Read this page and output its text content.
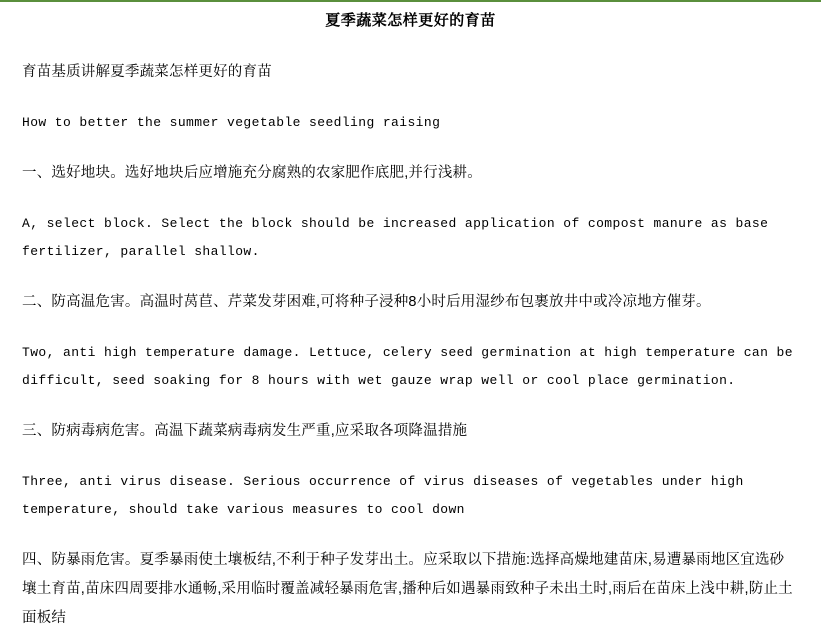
夏季蔬菜怎样更好的育苗

育苗基质讲解夏季蔬菜怎样更好的育苗

How to better the summer vegetable seedling raising

一、选好地块。选好地块后应增施充分腐熟的农家肥作底肥,并行浅耕。

A, select block. Select the block should be increased application of compost manure as base fertilizer, parallel shallow.

二、防高温危害。高温时莴苣、芹菜发芽困难,可将种子浸种8小时后用湿纱布包裹放井中或冷凉地方催芽。

Two, anti high temperature damage. Lettuce, celery seed germination at high temperature can be difficult, seed soaking for 8 hours with wet gauze wrap well or cool place germination.

三、防病毒病危害。高温下蔬菜病毒病发生严重,应采取各项降温措施

Three, anti virus disease. Serious occurrence of virus diseases of vegetables under high temperature, should take various measures to cool down

四、防暴雨危害。夏季暴雨使土壤板结,不利于种子发芽出土。应采取以下措施:选择高燥地建苗床,易遭暴雨地区宜选砂壤土育苗,苗床四周要排水通畅,采用临时覆盖减轻暴雨危害,播种后如遇暴雨致种子未出土时,雨后在苗床上浅中耕,防止土面板结
